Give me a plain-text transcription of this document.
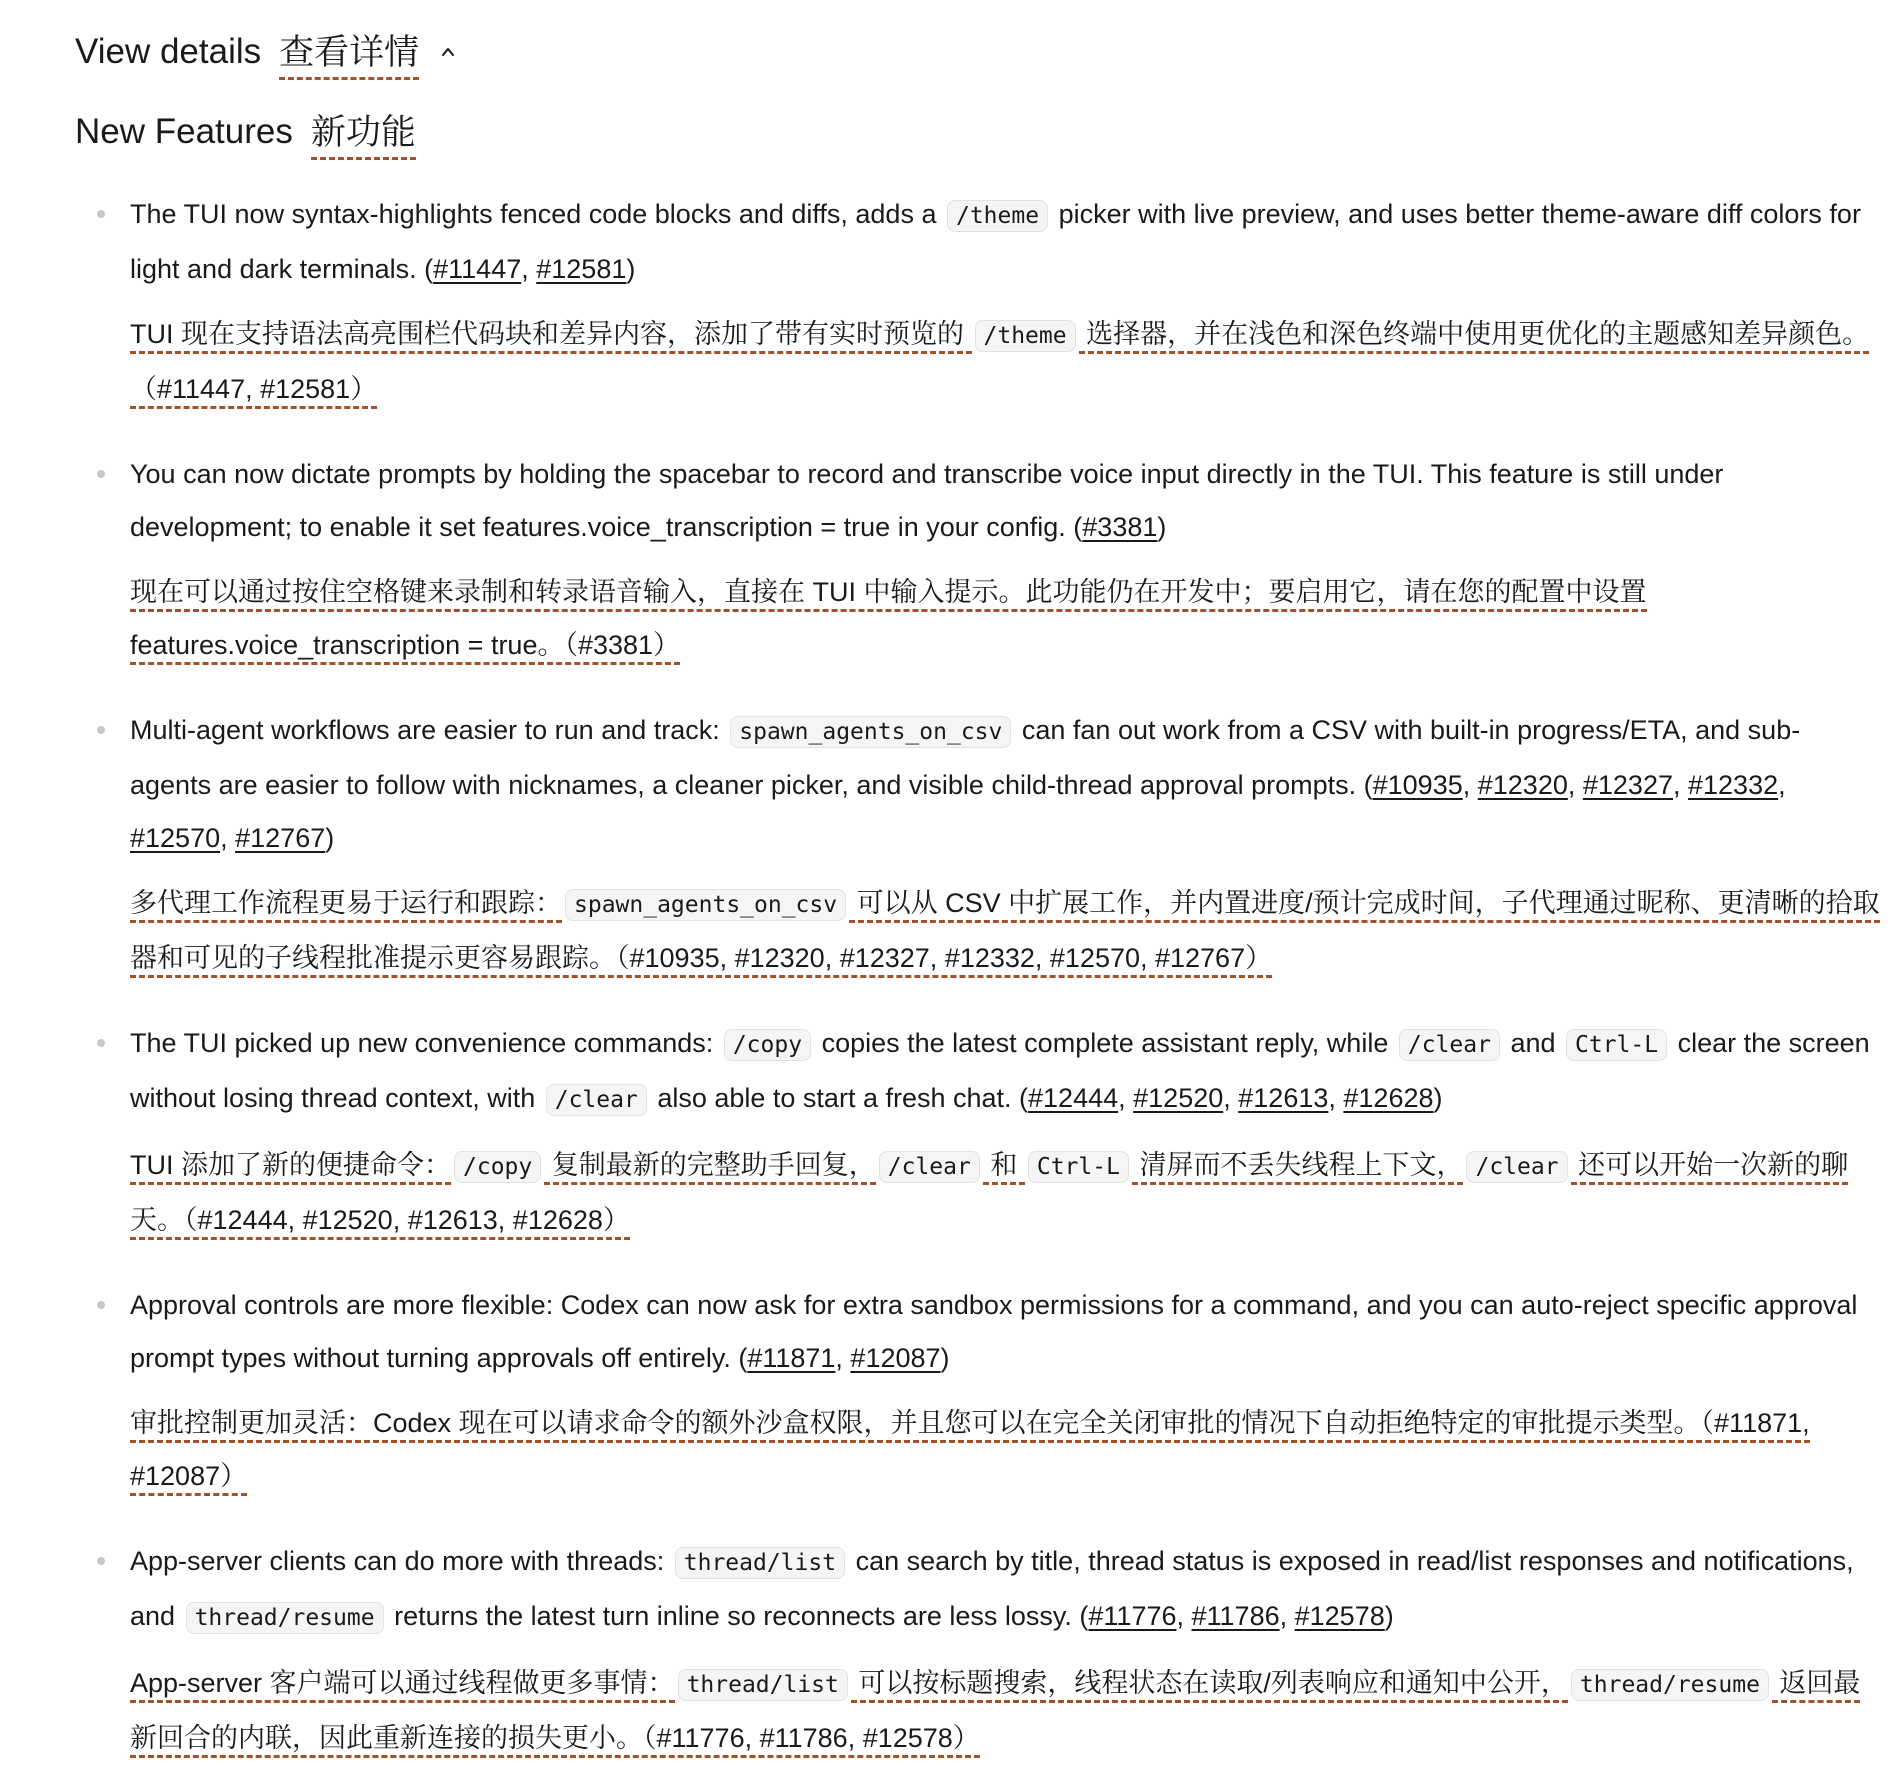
View details 查看详情
New Features 新功能
The TUI now syntax-highlights fenced code blocks and diffs, adds a /theme picker with live preview, and uses better theme-aware diff colors for light and dark terminals. (#11447, #12581)
TUI 现在支持语法高亮围栏代码块和差异内容，添加了带有实时预览的 /theme 选择器，并在浅色和深色终端中使用更优化的主题感知差异颜色。（#11447, #12581）
You can now dictate prompts by holding the spacebar to record and transcribe voice input directly in the TUI. This feature is still under development; to enable it set features.voice_transcription = true in your config. (#3381)
现在可以通过按住空格键来录制和转录语音输入，直接在 TUI 中输入提示。此功能仍在开发中；要启用它，请在您的配置中设置 features.voice_transcription = true。（#3381）
Multi-agent workflows are easier to run and track: spawn_agents_on_csv can fan out work from a CSV with built-in progress/ETA, and sub-agents are easier to follow with nicknames, a cleaner picker, and visible child-thread approval prompts. (#10935, #12320, #12327, #12332, #12570, #12767)
多代理工作流程更易于运行和跟踪： spawn_agents_on_csv 可以从 CSV 中扩展工作，并内置进度/预计完成时间，子代理通过昵称、更清晰的拾取器和可见的子线程批准提示更容易跟踪。（#10935, #12320, #12327, #12332, #12570, #12767）
The TUI picked up new convenience commands: /copy copies the latest complete assistant reply, while /clear and Ctrl-L clear the screen without losing thread context, with /clear also able to start a fresh chat. (#12444, #12520, #12613, #12628)
TUI 添加了新的便捷命令： /copy 复制最新的完整助手回复， /clear 和 Ctrl-L 清屏而不丢失线程上下文， /clear 还可以开始一次新的聊天。（#12444, #12520, #12613, #12628）
Approval controls are more flexible: Codex can now ask for extra sandbox permissions for a command, and you can auto-reject specific approval prompt types without turning approvals off entirely. (#11871, #12087)
审批控制更加灵活：Codex 现在可以请求命令的额外沙盒权限，并且您可以在完全关闭审批的情况下自动拒绝特定的审批提示类型。（#11871, #12087）
App-server clients can do more with threads: thread/list can search by title, thread status is exposed in read/list responses and notifications, and thread/resume returns the latest turn inline so reconnects are less lossy. (#11776, #11786, #12578)
App-server 客户端可以通过线程做更多事情： thread/list 可以按标题搜索，线程状态在读取/列表响应和通知中公开， thread/resume 返回最新回合的内联，因此重新连接的损失更小。（#11776, #11786, #12578）
